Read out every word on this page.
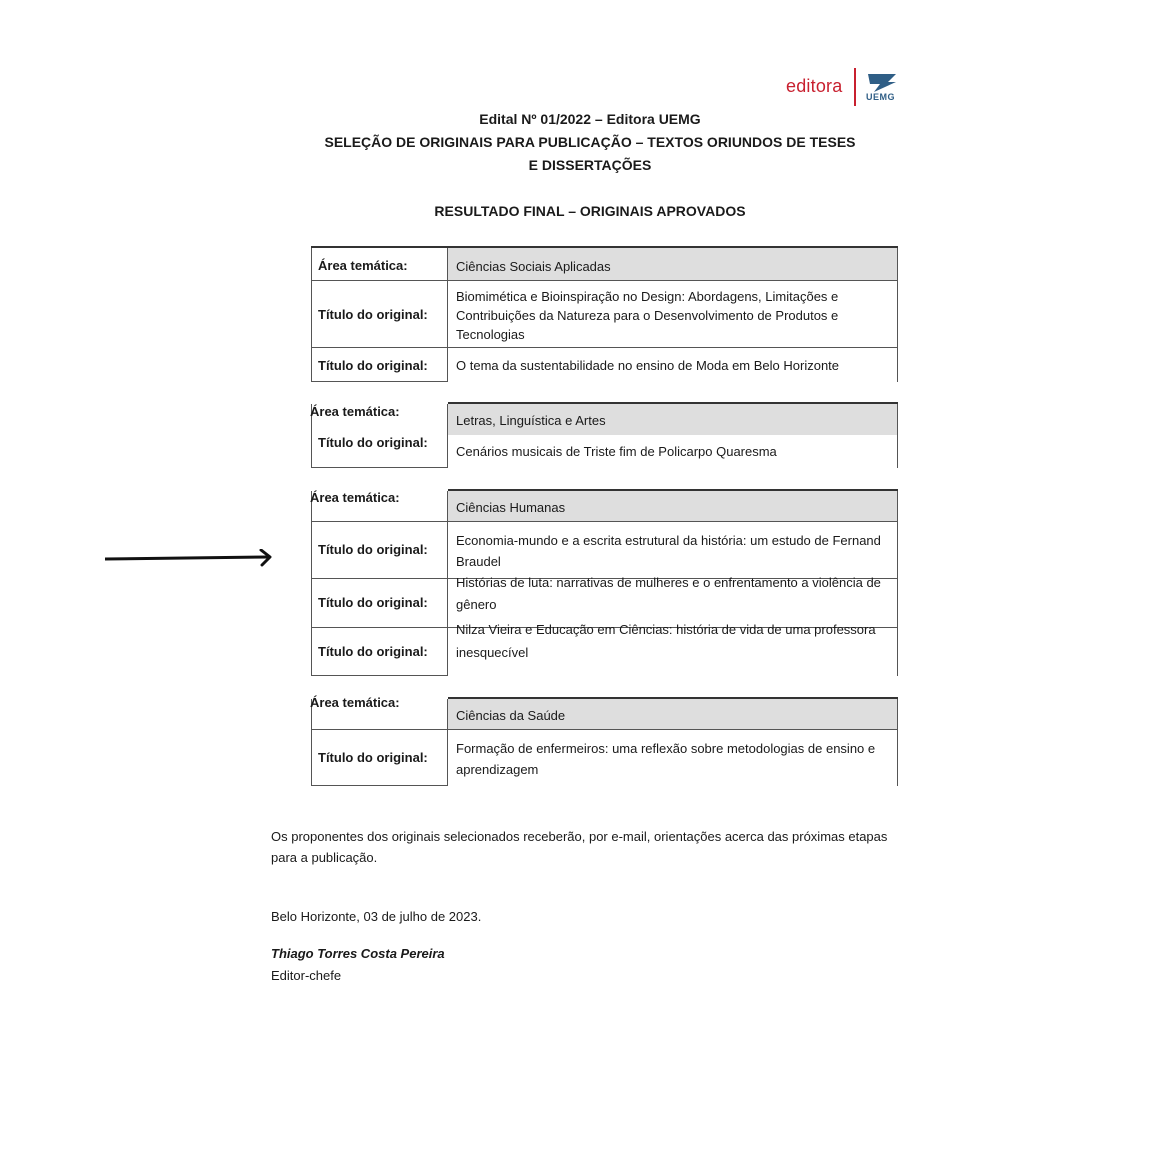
editora
UEMG
Edital Nº 01/2022 – Editora UEMG
SELEÇÃO DE ORIGINAIS PARA PUBLICAÇÃO – TEXTOS ORIUNDOS DE TESES
E DISSERTAÇÕES
RESULTADO FINAL – ORIGINAIS APROVADOS
Área temática:	Ciências Sociais Aplicadas
Título do original:
Biomimética e Bioinspiração no Design: Abordagens, Limitações e Contribuições da Natureza para o Desenvolvimento de Produtos e Tecnologias
Título do original: O tema da sustentabilidade no ensino de Moda em Belo Horizonte
Área temática:
Letras, Linguística e Artes
Título do original:
Cenários musicais de Triste fim de Policarpo Quaresma
Área temática:
Ciências Humanas
Título do original:
Economia-mundo e a escrita estrutural da história: um estudo de Fernand Braudel
Título do original:
Histórias de luta: narrativas de mulheres e o enfrentamento a violência de gênero
Título do original:
Nilza Vieira e Educação em Ciências: história de vida de uma professora inesquecível
Área temática:
Ciências da Saúde
Título do original:
Formação de enfermeiros: uma reflexão sobre metodologias de ensino e aprendizagem
Os proponentes dos originais selecionados receberão, por e-mail, orientações acerca das próximas etapas para a publicação.
Belo Horizonte, 03 de julho de 2023.
Thiago Torres Costa Pereira
Editor-chefe
